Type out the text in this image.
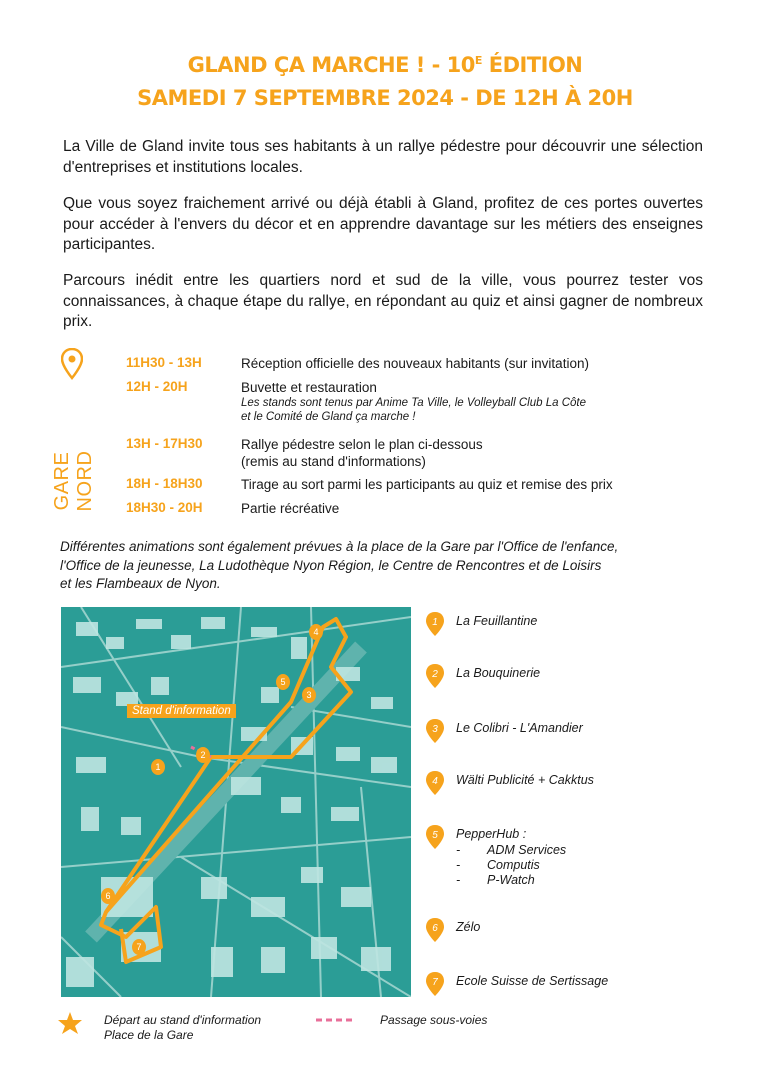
GLAND ÇA MARCHE ! - $10^E$ ÉDITION
SAMEDI 7 SEPTEMBRE 2024 - DE 12H À 20H
La Ville de Gland invite tous ses habitants à un rallye pédestre pour découvrir une sélection d'entreprises et institutions locales.
Que vous soyez fraichement arrivé ou déjà établi à Gland, profitez de ces portes ouvertes pour accéder à l'envers du décor et en apprendre davantage sur les métiers des enseignes participantes.
Parcours inédit entre les quartiers nord et sud de la ville, vous pourrez tester vos connaissances, à chaque étape du rallye, en répondant au quiz et ainsi gagner de nombreux prix.
GARE NORD
11H30 - 13H	Réception officielle des nouveaux habitants (sur invitation)
12H - 20H	Buvette et restauration
Les stands sont tenus par Anime Ta Ville, le Volleyball Club La Côte
et le Comité de Gland ça marche !
13H - 17H30	Rallye pédestre selon le plan ci-dessous
(remis au stand d'informations)
18H - 18H30	Tirage au sort parmi les participants au quiz et remise des prix
18H30 - 20H	Partie récréative
Différentes animations sont également prévues à la place de la Gare par l'Office de l'enfance,
l'Office de la jeunesse, La Ludothèque Nyon Région, le Centre de Rencontres et de Loisirs
et les Flambeaux de Nyon.
Stand d'information
1
2
3
4
5
6
7
1 La Feuillantine
2 La Bouquinerie
3 Le Colibri - L'Amandier
4 Wälti Publicité + Cakktus
5 PepperHub :
- ADM Services
- Computis
- P-Watch
6 Zélo
7 Ecole Suisse de Sertissage
Départ au stand d'information
Place de la Gare
Passage sous-voies
